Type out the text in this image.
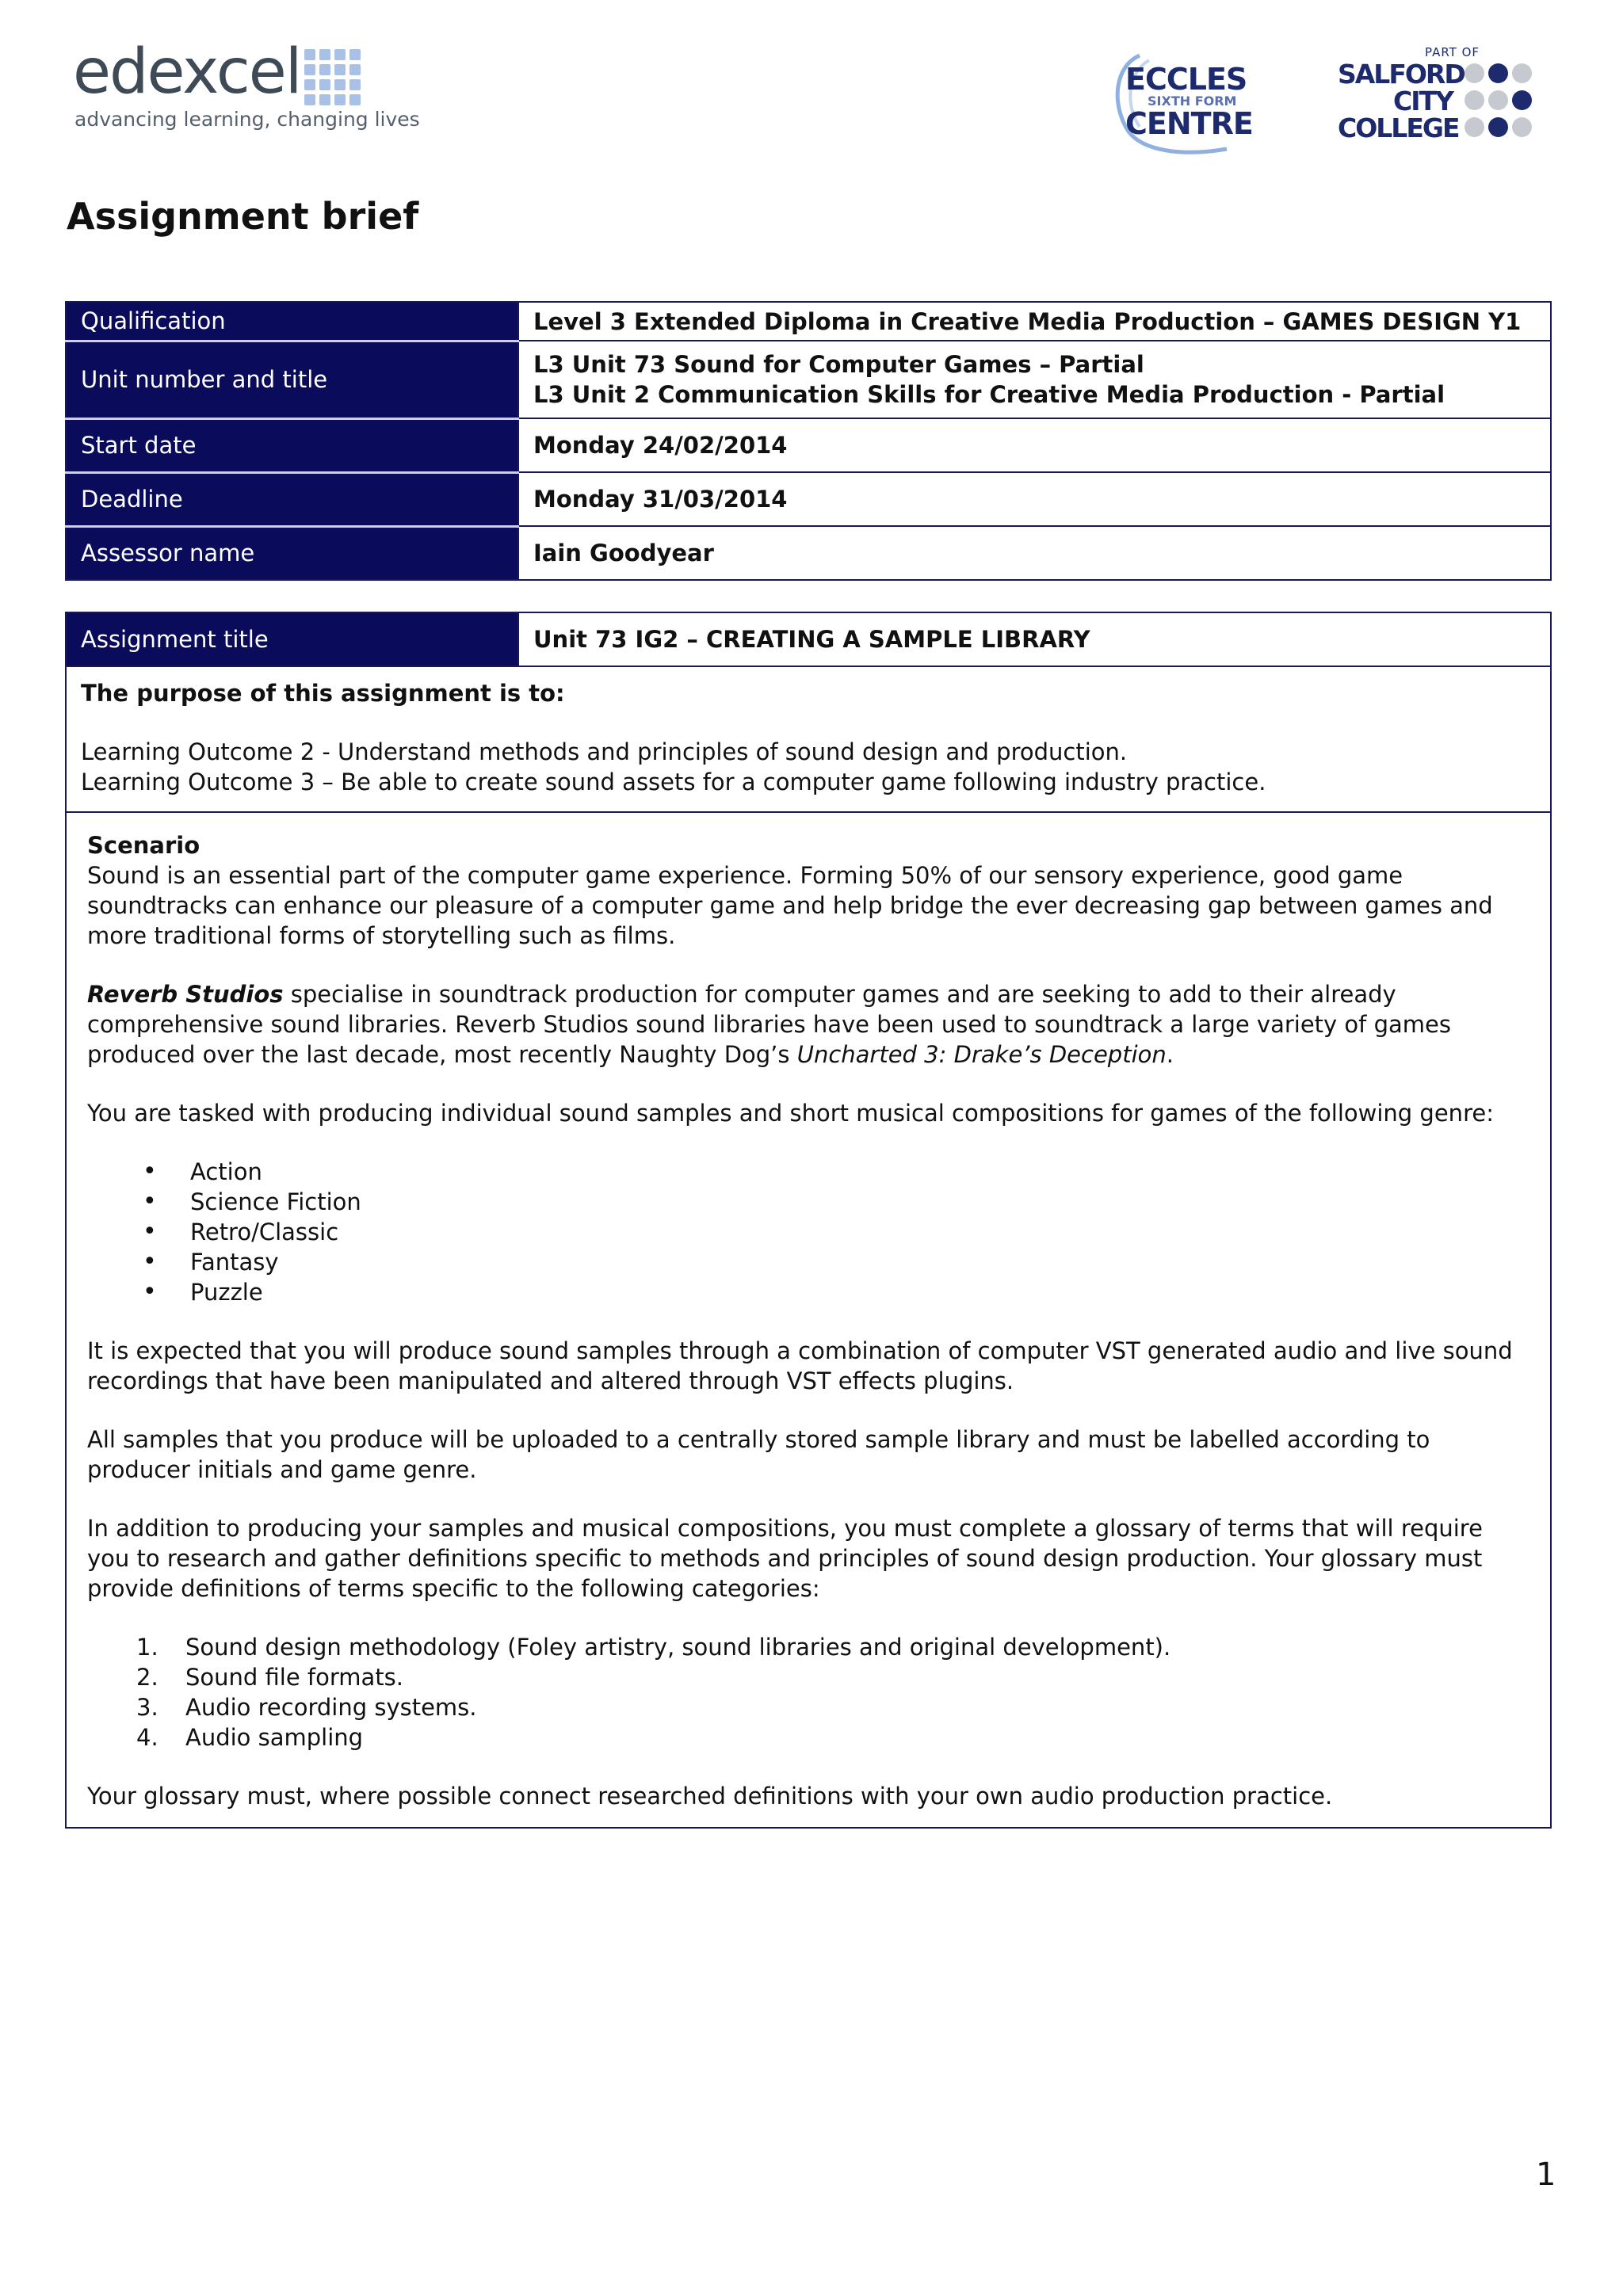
edexcel
advancing learning, changing lives
ECCLES
SIXTH FORM
CENTRE
PART OF
SALFORD
CITY
COLLEGE
Assignment brief
Qualification	Level 3 Extended Diploma in Creative Media Production – GAMES DESIGN Y1
Unit number and title	L3 Unit 73 Sound for Computer Games – Partial
L3 Unit 2 Communication Skills for Creative Media Production - Partial

Start date	Monday 24/02/2014
Deadline	Monday 31/03/2014
Assessor name	Iain Goodyear
Assignment title	Unit 73 IG2 – CREATING A SAMPLE LIBRARY

The purpose of this assignment is to:

Learning Outcome 2 - Understand methods and principles of sound design and production.

Learning Outcome 3 – Be able to create sound assets for a computer game following industry practice.

Scenario

Sound is an essential part of the computer game experience. Forming 50% of our sensory experience, good game soundtracks can enhance our pleasure of a computer game and help bridge the ever decreasing gap between games and more traditional forms of storytelling such as films.

Reverb Studios specialise in soundtrack production for computer games and are seeking to add to their already comprehensive sound libraries. Reverb Studios sound libraries have been used to soundtrack a large variety of games produced over the last decade, most recently Naughty Dog’s Uncharted 3: Drake’s Deception.

You are tasked with producing individual sound samples and short musical compositions for games of the following genre:

• Action
• Science Fiction
• Retro/Classic
• Fantasy
• Puzzle

It is expected that you will produce sound samples through a combination of computer VST generated audio and live sound recordings that have been manipulated and altered through VST effects plugins.

All samples that you produce will be uploaded to a centrally stored sample library and must be labelled according to producer initials and game genre.

In addition to producing your samples and musical compositions, you must complete a glossary of terms that will require you to research and gather definitions specific to methods and principles of sound design production. Your glossary must provide definitions of terms specific to the following categories:

1. Sound design methodology (Foley artistry, sound libraries and original development).
2. Sound file formats.
3. Audio recording systems.
4. Audio sampling

Your glossary must, where possible connect researched definitions with your own audio production practice.

1
